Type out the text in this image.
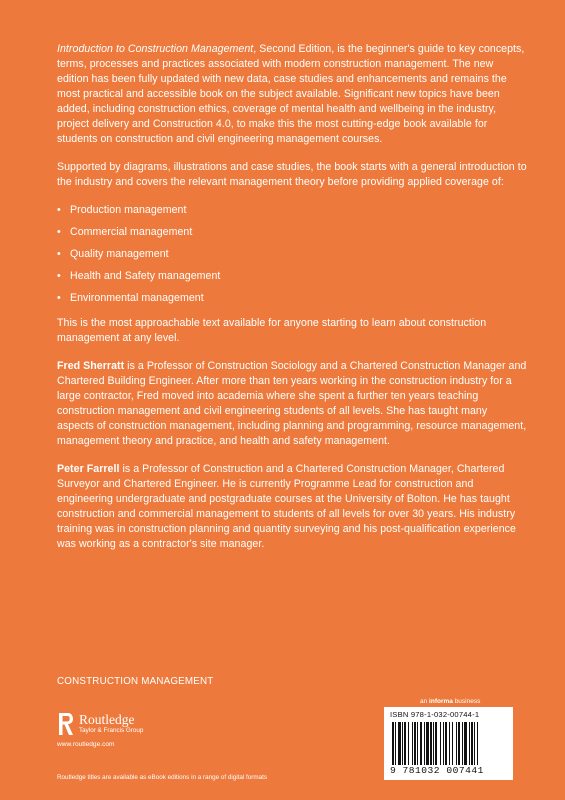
Introduction to Construction Management, Second Edition, is the beginner's guide to key concepts, terms, processes and practices associated with modern construction management. The new edition has been fully updated with new data, case studies and enhancements and remains the most practical and accessible book on the subject available. Significant new topics have been added, including construction ethics, coverage of mental health and wellbeing in the industry, project delivery and Construction 4.0, to make this the most cutting-edge book available for students on construction and civil engineering management courses.

Supported by diagrams, illustrations and case studies, the book starts with a general introduction to the industry and covers the relevant management theory before providing applied coverage of:

• Production management
• Commercial management
• Quality management
• Health and Safety management
• Environmental management

This is the most approachable text available for anyone starting to learn about construction management at any level.

Fred Sherratt is a Professor of Construction Sociology and a Chartered Construction Manager and Chartered Building Engineer. After more than ten years working in the construction industry for a large contractor, Fred moved into academia where she spent a further ten years teaching construction management and civil engineering students of all levels. She has taught many aspects of construction management, including planning and programming, resource management, management theory and practice, and health and safety management.

Peter Farrell is a Professor of Construction and a Chartered Construction Manager, Chartered Surveyor and Chartered Engineer. He is currently Programme Lead for construction and engineering undergraduate and postgraduate courses at the University of Bolton. He has taught construction and commercial management to students of all levels for over 30 years. His industry training was in construction planning and quantity surveying and his post-qualification experience was working as a contractor's site manager.

CONSTRUCTION MANAGEMENT
Routledge
Taylor & Francis Group
www.routledge.com
Routledge titles are available as eBook editions in a range of digital formats
an informa business
ISBN 978-1-032-00744-1
9 781032 007441
